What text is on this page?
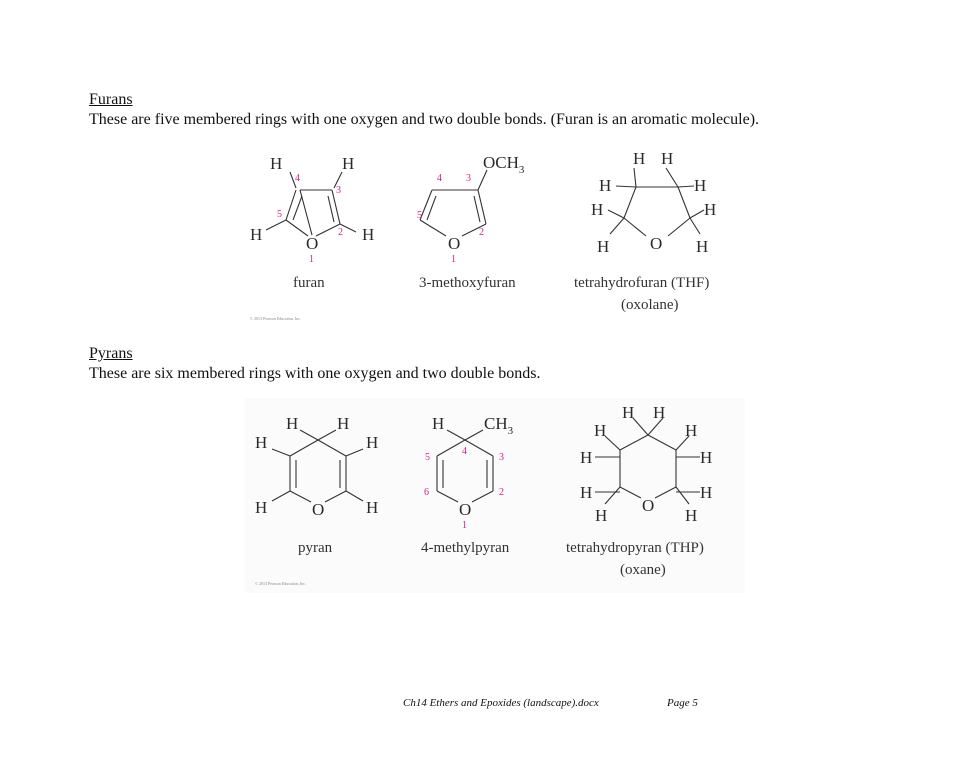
Furans
These are five membered rings with one oxygen and two double bonds. (Furan is an aromatic molecule).
H	H
H	H
O
4
3
5
2
1
furan
$OCH_3$
O
4 3
5
2
1
3-methoxyfuran
H H
H	H
H	H
H	H
O
tetrahydrofuran (THF)
(oxolane)
© 2013 Pearson Education, Inc.
Pyrans
These are six membered rings with one oxygen and two double bonds.
H H
H	H
H	H
O
pyran
H $CH_3$
O
4
5	3
6	2
1
4-methylpyran
H H
H	H
H	H
H	H
H	H
O
tetrahydropyran (THP)
(oxane)
© 2013 Pearson Education, Inc.
Ch14 Ethers and Epoxides (landscape).docx	Page 5
